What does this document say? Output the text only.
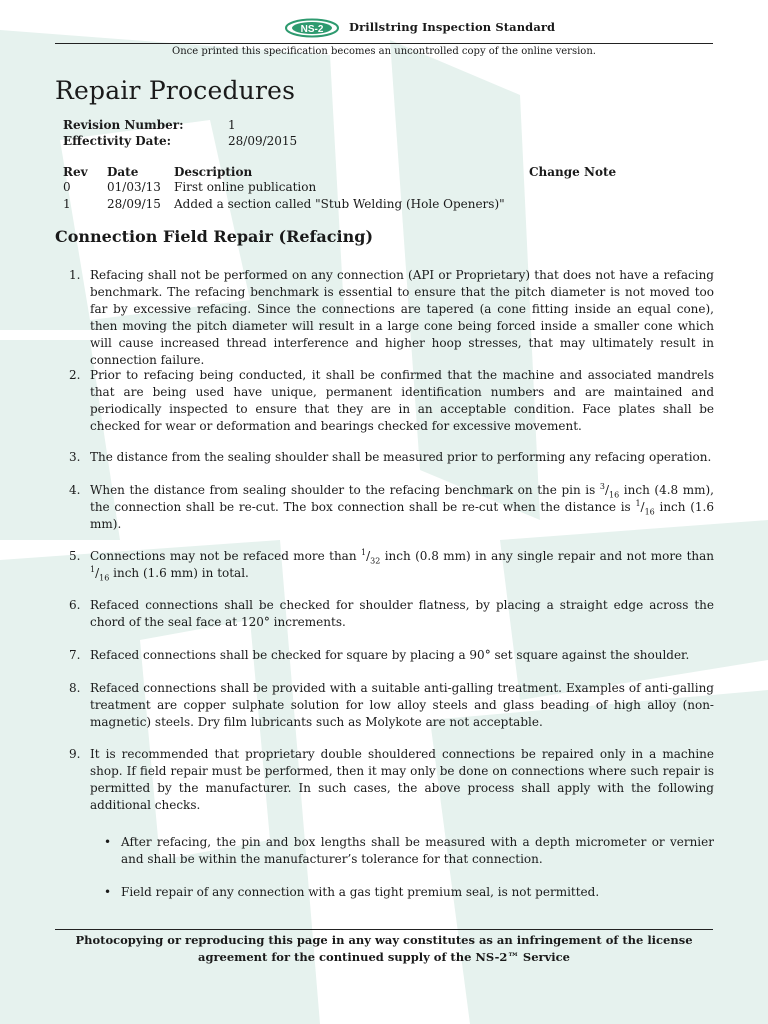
NS-2 Drillstring Inspection Standard
Once printed this specification becomes an uncontrolled copy of the online version.
Repair Procedures
Revision Number:	1
Effectivity Date:	28/09/2015
Rev	Date	Description	Change Note
0	01/03/13	First online publication	
1	28/09/15	Added a section called "Stub Welding (Hole Openers)"	
Connection Field Repair (Refacing)
1. Refacing shall not be performed on any connection (API or Proprietary) that does not have a refacing benchmark. The refacing benchmark is essential to ensure that the pitch diameter is not moved too far by excessive refacing. Since the connections are tapered (a cone fitting inside an equal cone), then moving the pitch diameter will result in a large cone being forced inside a smaller cone which will cause increased thread interference and higher hoop stresses, that may ultimately result in connection failure.
2. Prior to refacing being conducted, it shall be confirmed that the machine and associated mandrels that are being used have unique, permanent identification numbers and are maintained and periodically inspected to ensure that they are in an acceptable condition. Face plates shall be checked for wear or deformation and bearings checked for excessive movement.
3. The distance from the sealing shoulder shall be measured prior to performing any refacing operation.
4. When the distance from sealing shoulder to the refacing benchmark on the pin is $^3/_{16}$ inch (4.8 mm), the connection shall be re-cut. The box connection shall be re-cut when the distance is $^1/_{16}$ inch (1.6 mm).
5. Connections may not be refaced more than $^1/_{32}$ inch (0.8 mm) in any single repair and not more than $^1/_{16}$ inch (1.6 mm) in total.
6. Refaced connections shall be checked for shoulder flatness, by placing a straight edge across the chord of the seal face at 120° increments.
7. Refaced connections shall be checked for square by placing a 90° set square against the shoulder.
8. Refaced connections shall be provided with a suitable anti-galling treatment. Examples of anti-galling treatment are copper sulphate solution for low alloy steels and glass beading of high alloy (non-magnetic) steels. Dry film lubricants such as Molykote are not acceptable.
9. It is recommended that proprietary double shouldered connections be repaired only in a machine shop. If field repair must be performed, then it may only be done on connections where such repair is permitted by the manufacturer. In such cases, the above process shall apply with the following additional checks.
• After refacing, the pin and box lengths shall be measured with a depth micrometer or vernier and shall be within the manufacturer’s tolerance for that connection.
• Field repair of any connection with a gas tight premium seal, is not permitted.
Photocopying or reproducing this page in any way constitutes as an infringement of the license
agreement for the continued supply of the NS-2™ Service
